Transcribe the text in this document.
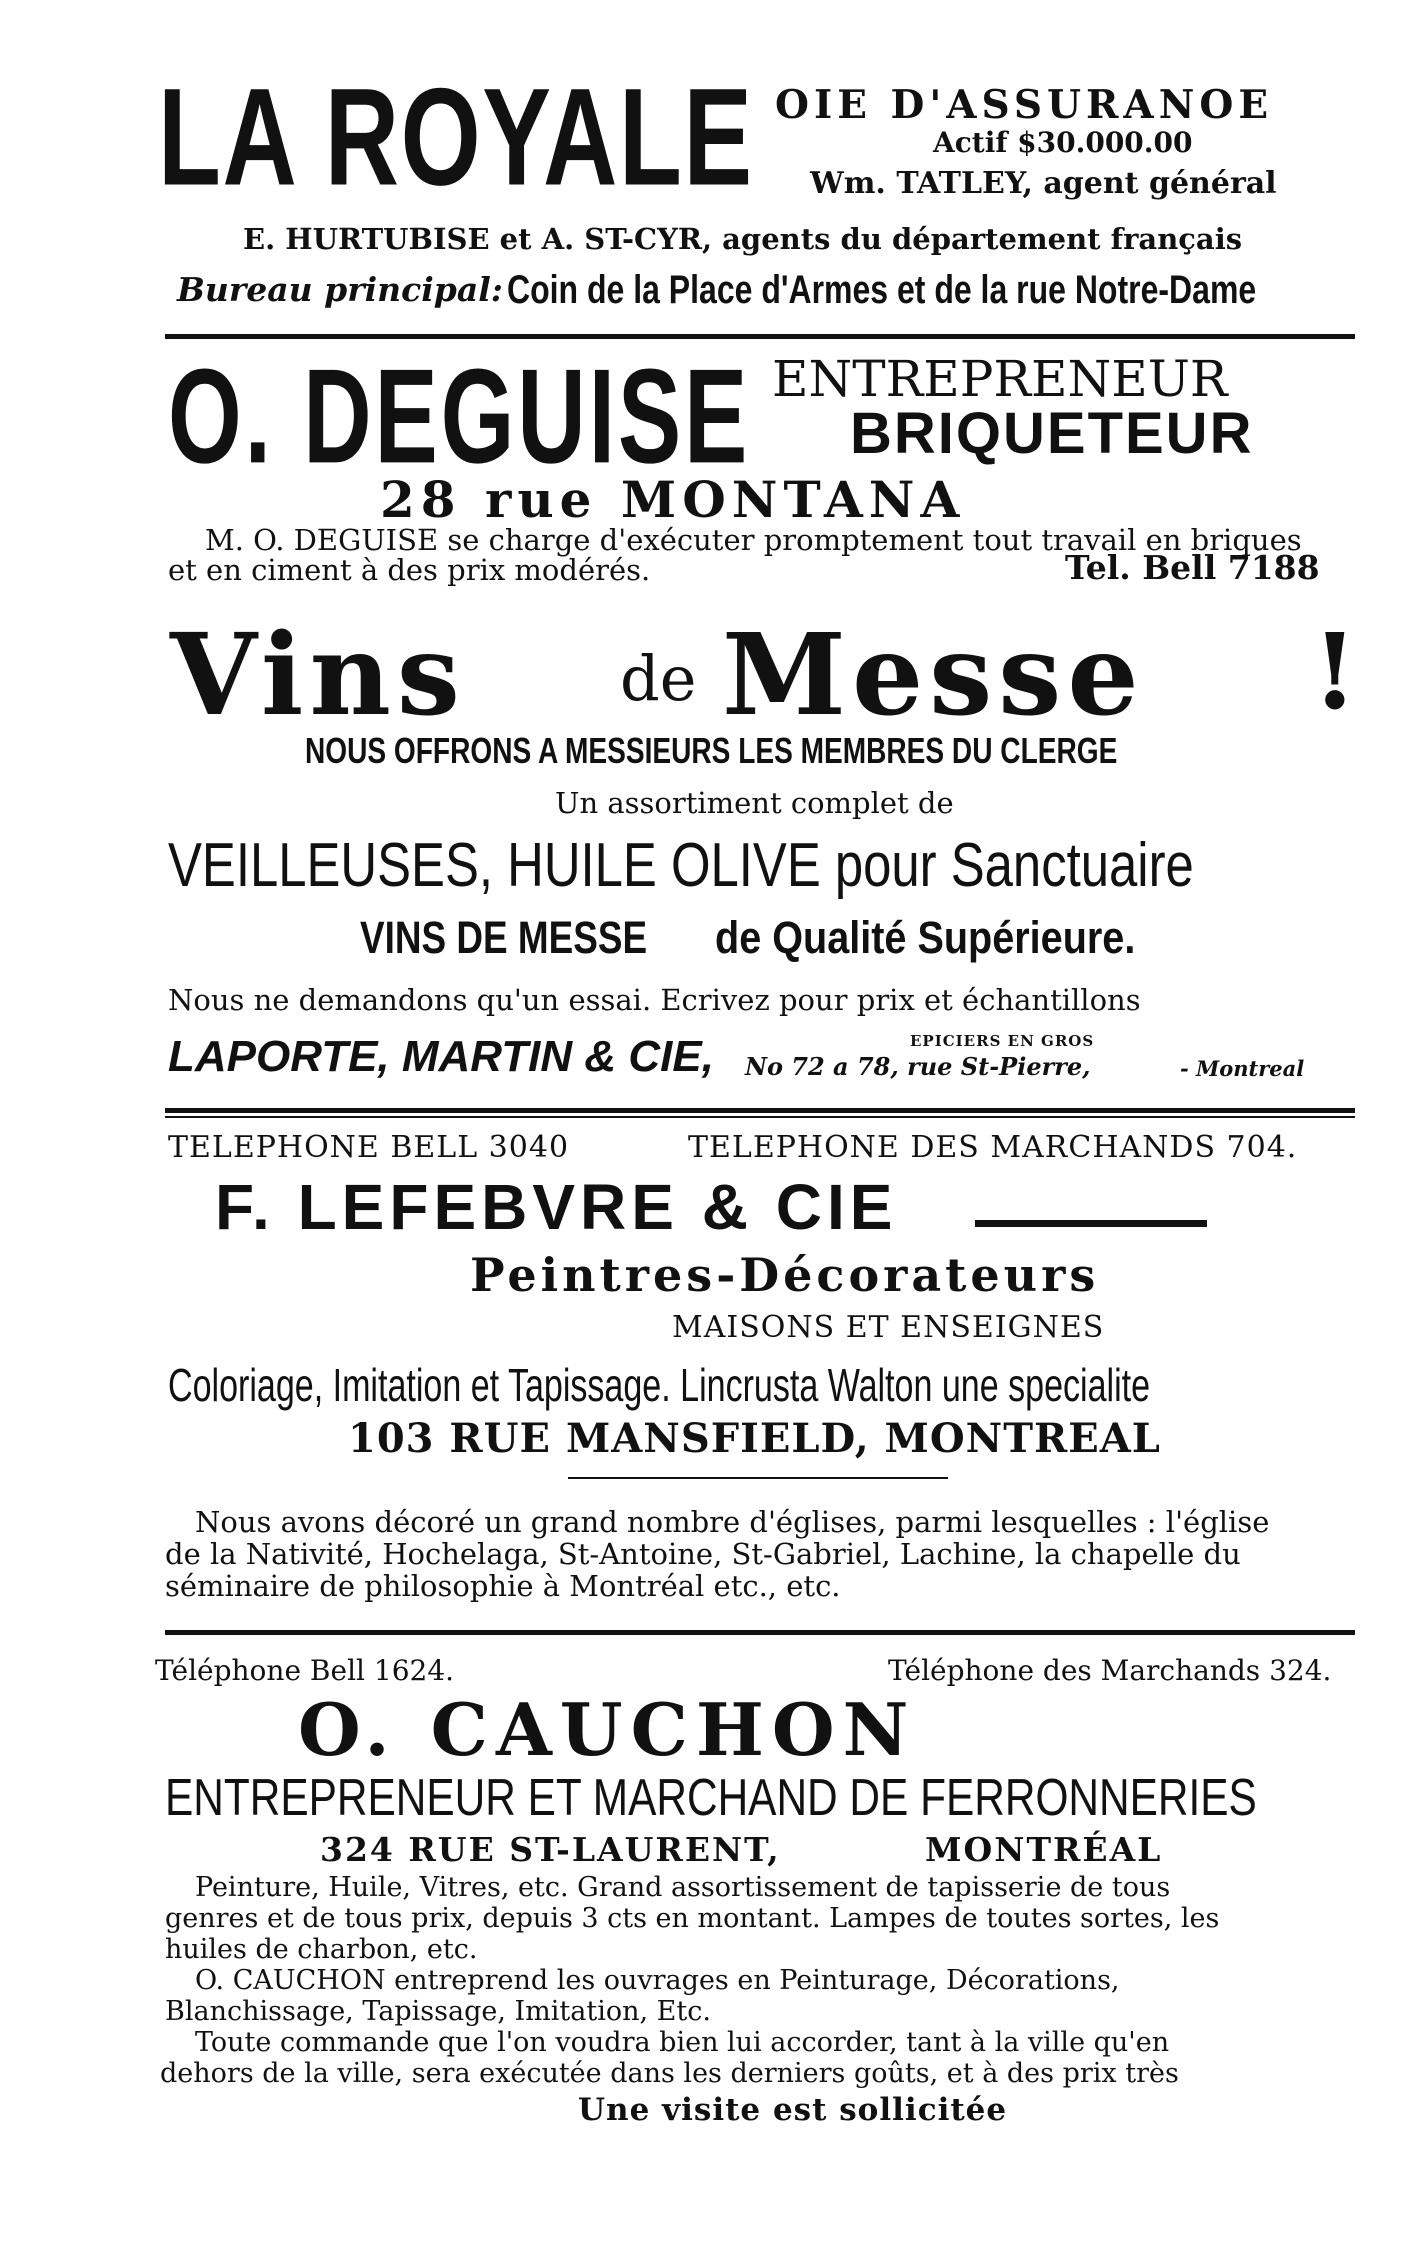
LA ROYALE OIE D'ASSURANOE
Actif $30.000.00
Wm. TATLEY, agent général
E. HURTUBISE et A. ST-CYR, agents du département français
Bureau principal: Coin de la Place d'Armes et de la rue Notre-Dame
O. DEGUISE ENTREPRENEUR
BRIQUETEUR
28 rue MONTANA
M. O. DEGUISE se charge d'exécuter promptement tout travail en briques
et en ciment à des prix modérés.	Tel. Bell 7188
Vins de Messe !
NOUS OFFRONS A MESSIEURS LES MEMBRES DU CLERGE
Un assortiment complet de
VEILLEUSES, HUILE OLIVE pour Sanctuaire
VINS DE MESSE de Qualité Supérieure.
Nous ne demandons qu'un essai. Ecrivez pour prix et échantillons
LAPORTE, MARTIN & CIE,	EPICIERS EN GROS
No 72 a 78, rue St-Pierre,	- Montreal
TELEPHONE BELL 3040	TELEPHONE DES MARCHANDS 704.
F. LEFEBVRE & CIE
Peintres-Décorateurs
MAISONS ET ENSEIGNES
Coloriage, Imitation et Tapissage. Lincrusta Walton une specialite
103 RUE MANSFIELD, MONTREAL
Nous avons décoré un grand nombre d'églises, parmi lesquelles : l'église
de la Nativité, Hochelaga, St-Antoine, St-Gabriel, Lachine, la chapelle du
séminaire de philosophie à Montréal etc., etc.
Téléphone Bell 1624.	Téléphone des Marchands 324.
O. CAUCHON
ENTREPRENEUR ET MARCHAND DE FERRONNERIES
324 RUE ST-LAURENT,	MONTRÉAL
Peinture, Huile, Vitres, etc. Grand assortissement de tapisserie de tous
genres et de tous prix, depuis 3 cts en montant. Lampes de toutes sortes, les
huiles de charbon, etc.
O. CAUCHON entreprend les ouvrages en Peinturage, Décorations,
Blanchissage, Tapissage, Imitation, Etc.
Toute commande que l'on voudra bien lui accorder, tant à la ville qu'en
dehors de la ville, sera exécutée dans les derniers goûts, et à des prix très
Une visite est sollicitée
